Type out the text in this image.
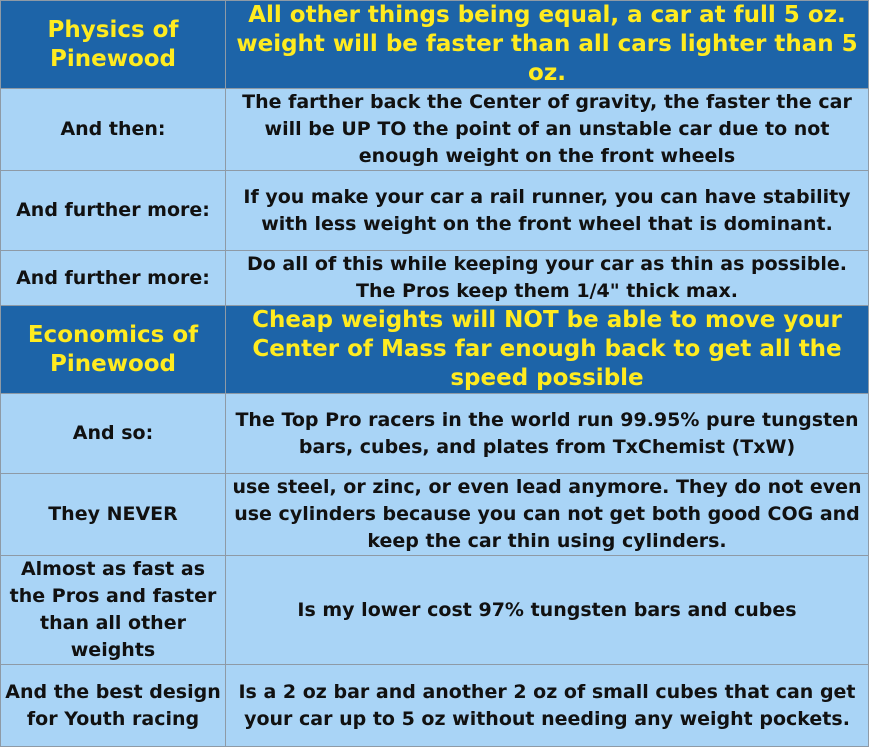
Physics of Pinewood	All other things being equal, a car at full 5 oz. weight will be faster than all cars lighter than 5 oz.
And then:	The farther back the Center of gravity, the faster the car will be UP TO the point of an unstable car due to not enough weight on the front wheels
And further more:	If you make your car a rail runner, you can have stability with less weight on the front wheel that is dominant.
And further more:	Do all of this while keeping your car as thin as possible. The Pros keep them 1/4" thick max.
Economics of Pinewood	Cheap weights will NOT be able to move your Center of Mass far enough back to get all the speed possible
And so:	The Top Pro racers in the world run 99.95% pure tungsten bars, cubes, and plates from TxChemist (TxW)
They NEVER	use steel, or zinc, or even lead anymore. They do not even use cylinders because you can not get both good COG and keep the car thin using cylinders.
Almost as fast as the Pros and faster than all other weights	Is my lower cost 97% tungsten bars and cubes
And the best design for Youth racing	Is a 2 oz bar and another 2 oz of small cubes that can get your car up to 5 oz without needing any weight pockets.
